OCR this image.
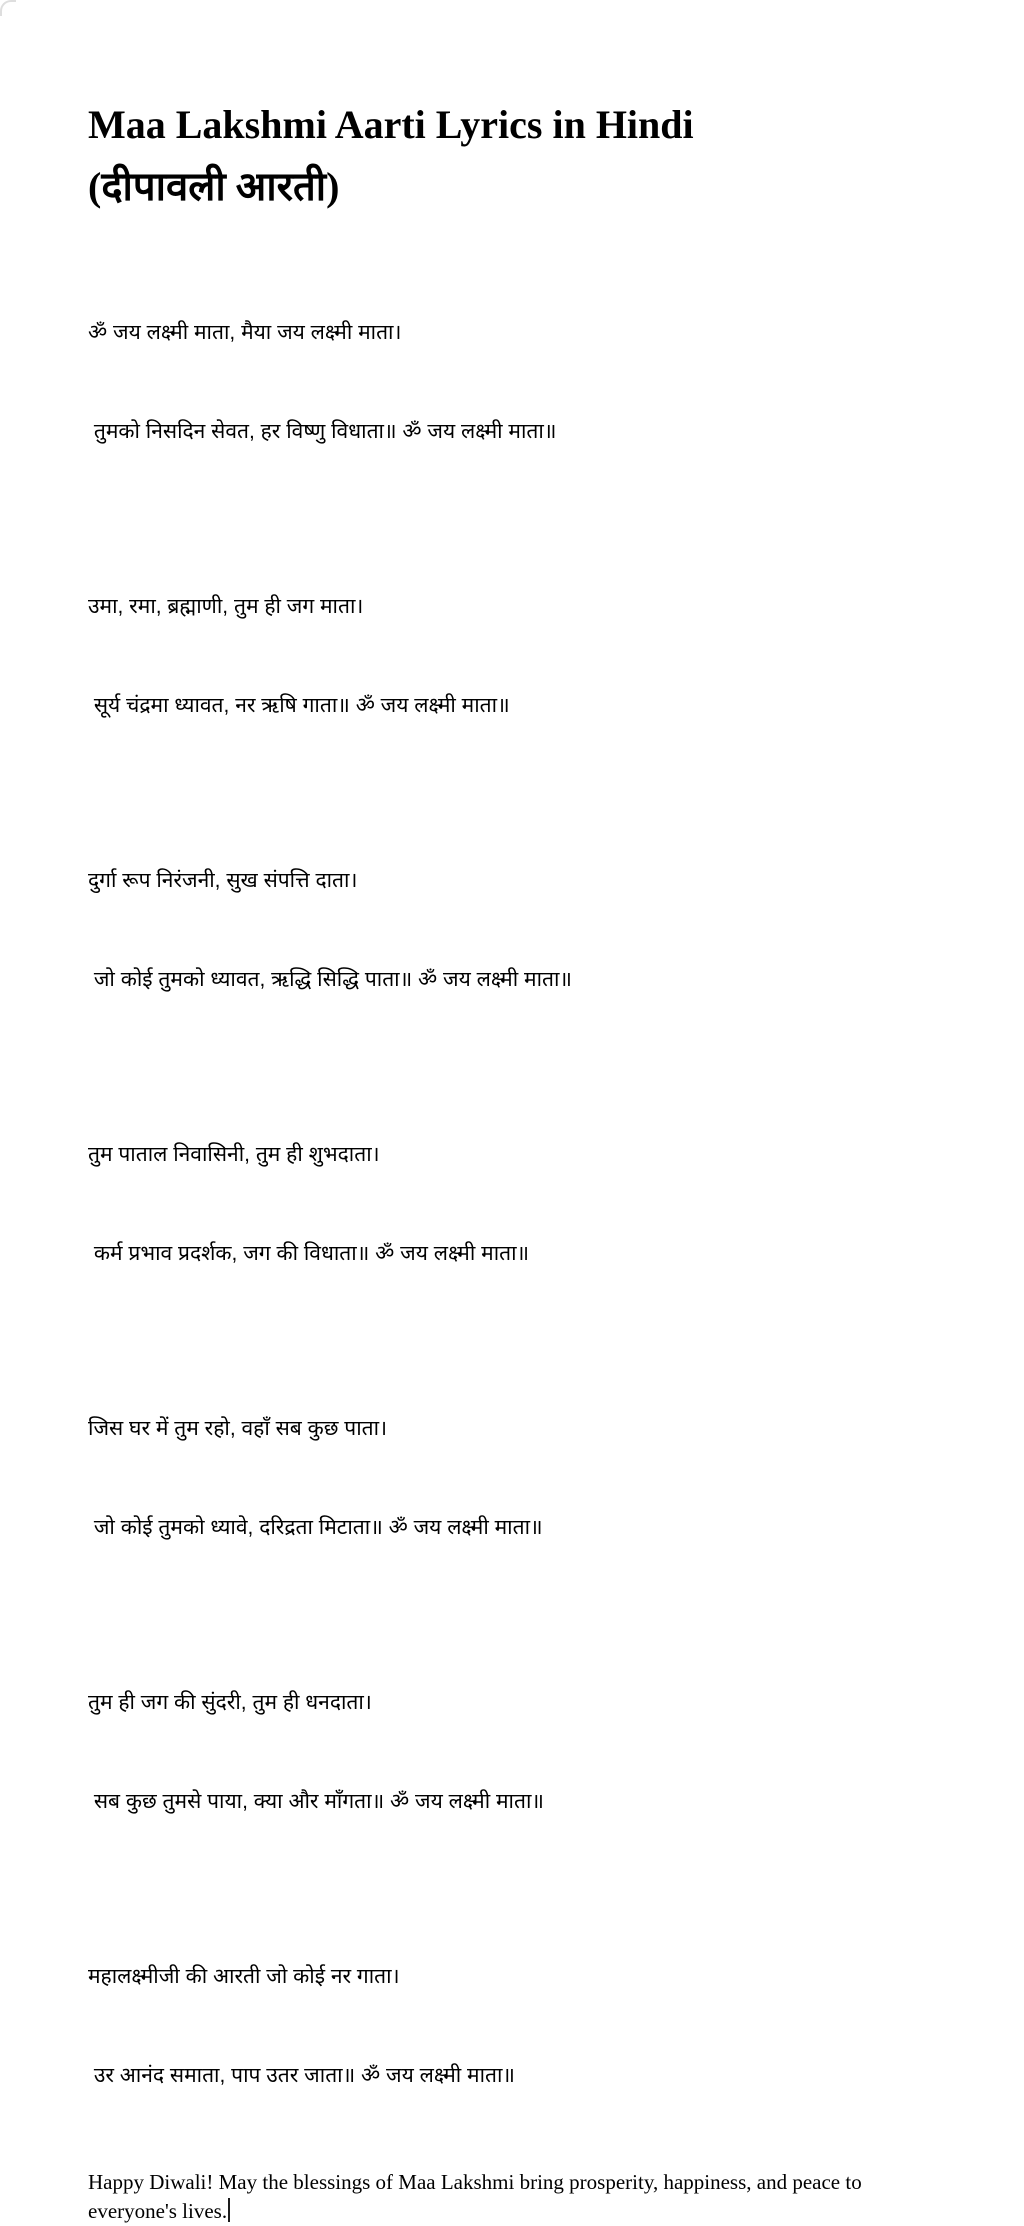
Maa Lakshmi Aarti Lyrics in Hindi
(दीपावली आरती)

ॐ जय लक्ष्मी माता, मैया जय लक्ष्मी माता।

तुमको निसदिन सेवत, हर विष्णु विधाता॥ ॐ जय लक्ष्मी माता॥

उमा, रमा, ब्रह्माणी, तुम ही जग माता।

सूर्य चंद्रमा ध्यावत, नर ऋषि गाता॥ ॐ जय लक्ष्मी माता॥

दुर्गा रूप निरंजनी, सुख संपत्ति दाता।

जो कोई तुमको ध्यावत, ऋद्धि सिद्धि पाता॥ ॐ जय लक्ष्मी माता॥

तुम पाताल निवासिनी, तुम ही शुभदाता।

कर्म प्रभाव प्रदर्शक, जग की विधाता॥ ॐ जय लक्ष्मी माता॥

जिस घर में तुम रहो, वहाँ सब कुछ पाता।

जो कोई तुमको ध्यावे, दरिद्रता मिटाता॥ ॐ जय लक्ष्मी माता॥

तुम ही जग की सुंदरी, तुम ही धनदाता।

सब कुछ तुमसे पाया, क्या और माँगता॥ ॐ जय लक्ष्मी माता॥

महालक्ष्मीजी की आरती जो कोई नर गाता।

उर आनंद समाता, पाप उतर जाता॥ ॐ जय लक्ष्मी माता॥

Happy Diwali! May the blessings of Maa Lakshmi bring prosperity, happiness, and peace to everyone's lives.
